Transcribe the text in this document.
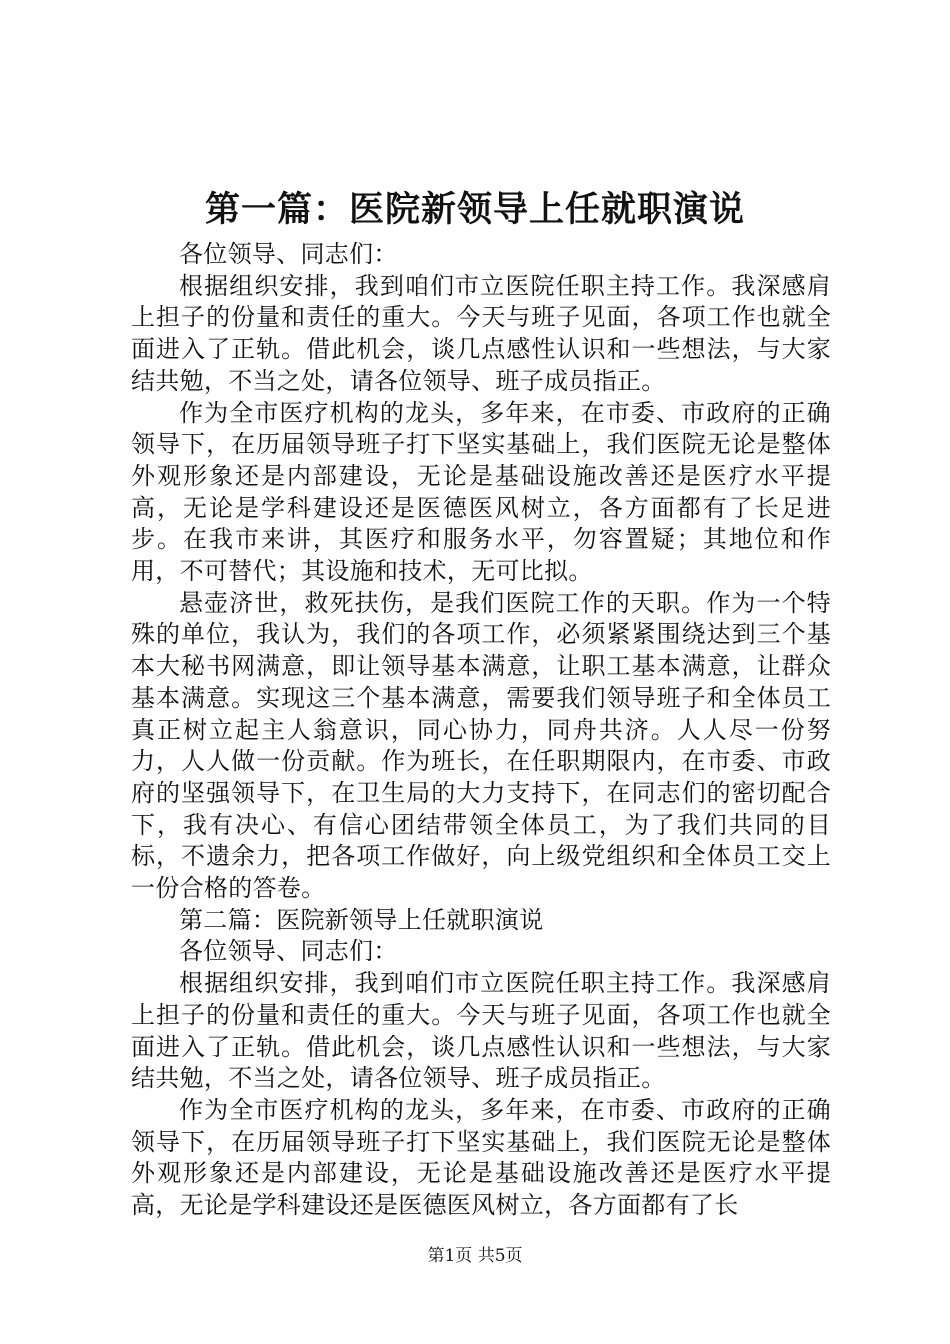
第一篇：医院新领导上任就职演说

各位领导、同志们：

根据组织安排，我到咱们市立医院任职主持工作。我深感肩上担子的份量和责任的重大。今天与班子见面，各项工作也就全面进入了正轨。借此机会，谈几点感性认识和一些想法，与大家结共勉，不当之处，请各位领导、班子成员指正。

作为全市医疗机构的龙头，多年来，在市委、市政府的正确领导下，在历届领导班子打下坚实基础上，我们医院无论是整体外观形象还是内部建设，无论是基础设施改善还是医疗水平提高，无论是学科建设还是医德医风树立，各方面都有了长足进步。在我市来讲，其医疗和服务水平，勿容置疑；其地位和作用，不可替代；其设施和技术，无可比拟。

悬壶济世，救死扶伤，是我们医院工作的天职。作为一个特殊的单位，我认为，我们的各项工作，必须紧紧围绕达到三个基本大秘书网满意，即让领导基本满意，让职工基本满意，让群众基本满意。实现这三个基本满意，需要我们领导班子和全体员工真正树立起主人翁意识，同心协力，同舟共济。人人尽一份努力，人人做一份贡献。作为班长，在任职期限内，在市委、市政府的坚强领导下，在卫生局的大力支持下，在同志们的密切配合下，我有决心、有信心团结带领全体员工，为了我们共同的目标，不遗余力，把各项工作做好，向上级党组织和全体员工交上一份合格的答卷。

第二篇：医院新领导上任就职演说

各位领导、同志们：

根据组织安排，我到咱们市立医院任职主持工作。我深感肩上担子的份量和责任的重大。今天与班子见面，各项工作也就全面进入了正轨。借此机会，谈几点感性认识和一些想法，与大家结共勉，不当之处，请各位领导、班子成员指正。

作为全市医疗机构的龙头，多年来，在市委、市政府的正确领导下，在历届领导班子打下坚实基础上，我们医院无论是整体外观形象还是内部建设，无论是基础设施改善还是医疗水平提高，无论是学科建设还是医德医风树立，各方面都有了长

第1页 共5页
